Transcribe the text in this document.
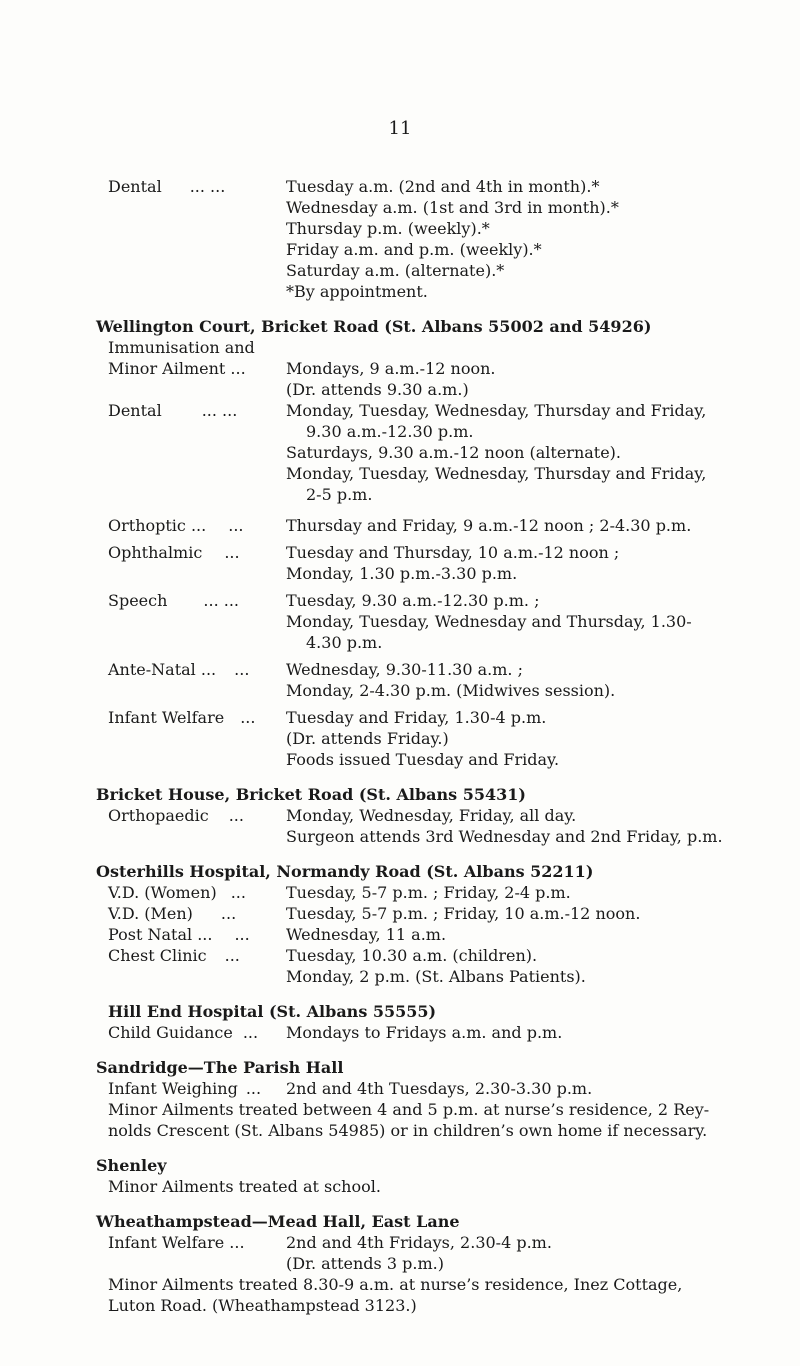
11
Dental ... ...	Tuesday a.m. (2nd and 4th in month).*
Wednesday a.m. (1st and 3rd in month).*
Thursday p.m. (weekly).*
Friday a.m. and p.m. (weekly).*
Saturday a.m. (alternate).*
*By appointment.
Wellington Court, Bricket Road (St. Albans 55002 and 54926)
Immunisation and
Minor Ailment ...	Mondays, 9 a.m.-12 noon.
(Dr. attends 9.30 a.m.)
Dental	... ...	Monday, Tuesday, Wednesday, Thursday and Friday, 9.30 a.m.-12.30 p.m.
Saturdays, 9.30 a.m.-12 noon (alternate).
Monday, Tuesday, Wednesday, Thursday and Friday, 2-5 p.m.
Orthoptic ... ...	Thursday and Friday, 9 a.m.-12 noon ; 2-4.30 p.m.
Ophthalmic ...	Tuesday and Thursday, 10 a.m.-12 noon ;
Monday, 1.30 p.m.-3.30 p.m.
Speech ... ...	Tuesday, 9.30 a.m.-12.30 p.m. ;
Monday, Tuesday, Wednesday and Thursday, 1.30-4.30 p.m.
Ante-Natal ... ...	Wednesday, 9.30-11.30 a.m. ;
Monday, 2-4.30 p.m. (Midwives session).
Infant Welfare ...	Tuesday and Friday, 1.30-4 p.m.
(Dr. attends Friday.)
Foods issued Tuesday and Friday.
Bricket House, Bricket Road (St. Albans 55431)
Orthopaedic ...	Monday, Wednesday, Friday, all day.
Surgeon attends 3rd Wednesday and 2nd Friday, p.m.
Osterhills Hospital, Normandy Road (St. Albans 52211)
V.D. (Women) ...	Tuesday, 5-7 p.m. ; Friday, 2-4 p.m.
V.D. (Men) ...	Tuesday, 5-7 p.m. ; Friday, 10 a.m.-12 noon.
Post Natal ... ...	Wednesday, 11 a.m.
Chest Clinic ...	Tuesday, 10.30 a.m. (children).
Monday, 2 p.m. (St. Albans Patients).
Hill End Hospital (St. Albans 55555)
Child Guidance ...	Mondays to Fridays a.m. and p.m.
Sandridge—The Parish Hall
Infant Weighing ...	2nd and 4th Tuesdays, 2.30-3.30 p.m.
Minor Ailments treated between 4 and 5 p.m. at nurse’s residence, 2 Rey- nolds Crescent (St. Albans 54985) or in children’s own home if necessary.
Shenley
Minor Ailments treated at school.
Wheathampstead—Mead Hall, East Lane
Infant Welfare ...	2nd and 4th Fridays, 2.30-4 p.m.
(Dr. attends 3 p.m.)
Minor Ailments treated 8.30-9 a.m. at nurse’s residence, Inez Cottage, Luton Road. (Wheathampstead 3123.)
